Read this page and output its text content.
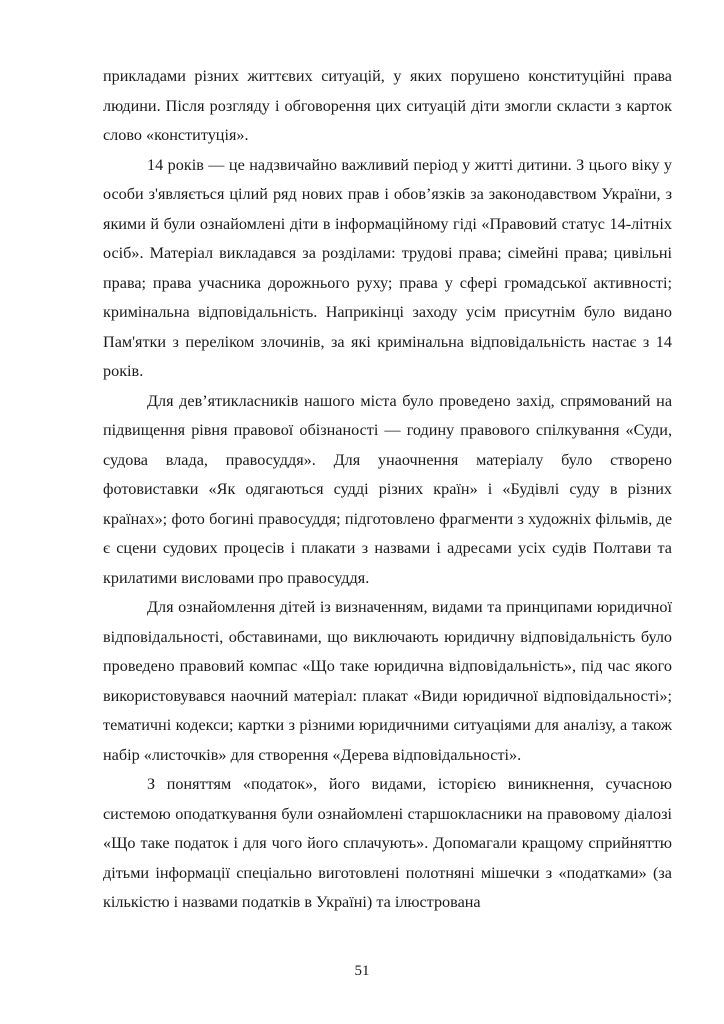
прикладами різних життєвих ситуацій, у яких порушено конституційні права людини. Після розгляду і обговорення цих ситуацій діти змогли скласти з карток слово «конституція».

14 років — це надзвичайно важливий період у житті дитини. З цього віку у особи з'являється цілий ряд нових прав і обов’язків за законодавством України, з якими й були ознайомлені діти в інформаційному гіді «Правовий статус 14-літніх осіб». Матеріал викладався за розділами: трудові права; сімейні права; цивільні права; права учасника дорожнього руху; права у сфері громадської активності; кримінальна відповідальність. Наприкінці заходу усім присутнім було видано Пам'ятки з переліком злочинів, за які кримінальна відповідальність настає з 14 років.

Для дев’ятикласників нашого міста було проведено захід, спрямований на підвищення рівня правової обізнаності — годину правового спілкування «Суди, судова влада, правосуддя». Для унаочнення матеріалу було створено фотовиставки «Як одягаються судді різних країн» і «Будівлі суду в різних країнах»; фото богині правосуддя; підготовлено фрагменти з художніх фільмів, де є сцени судових процесів і плакати з назвами і адресами усіх судів Полтави та крилатими висловами про правосуддя.

Для ознайомлення дітей із визначенням, видами та принципами юридичної відповідальності, обставинами, що виключають юридичну відповідальність було проведено правовий компас «Що таке юридична відповідальність», під час якого використовувався наочний матеріал: плакат «Види юридичної відповідальності»; тематичні кодекси; картки з різними юридичними ситуаціями для аналізу, а також набір «листочків» для створення «Дерева відповідальності».

З поняттям «податок», його видами, історією виникнення, сучасною системою оподаткування були ознайомлені старшокласники на правовому діалозі «Що таке податок і для чого його сплачують». Допомагали кращому сприйняттю дітьми інформації спеціально виготовлені полотняні мішечки з «податками» (за кількістю і назвами податків в Україні) та ілюстрована

51
